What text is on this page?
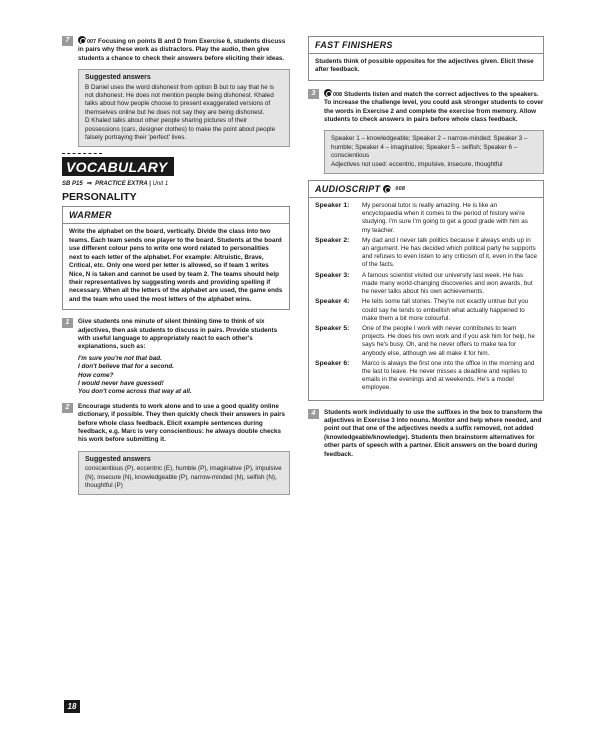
7	007 Focusing on points B and D from Exercise 6, students discuss in pairs why these work as distractors. Play the audio, then give students a chance to check their answers before eliciting their ideas.
Suggested answers
B Daniel uses the word dishonest from option B but to say that he is not dishonest. He does not mention people being dishonest. Khaled talks about how people choose to present exaggerated versions of themselves online but he does not say they are being dishonest.
D Khaled talks about other people sharing pictures of their possessions (cars, designer clothes) to make the point about people falsely portraying their 'perfect' lives.
VOCABULARY
SB P15 ⇒ PRACTICE EXTRA | Unit 1
PERSONALITY
WARMER
Write the alphabet on the board, vertically. Divide the class into two teams. Each team sends one player to the board. Students at the board use different colour pens to write one word related to personalities next to each letter of the alphabet. For example: Altruistic, Brave, Critical, etc. Only one word per letter is allowed, so if team 1 writes Nice, N is taken and cannot be used by team 2. The teams should help their representatives by suggesting words and providing spelling if necessary. When all the letters of the alphabet are used, the game ends and the team who used the most letters of the alphabet wins.
1	Give students one minute of silent thinking time to think of six adjectives, then ask students to discuss in pairs. Provide students with useful language to appropriately react to each other's explanations, such as:
I'm sure you're not that bad.
I don't believe that for a second.
How come?
I would never have guessed!
You don't come across that way at all.
2	Encourage students to work alone and to use a good quality online dictionary, if possible. They then quickly check their answers in pairs before whole class feedback. Elicit example sentences during feedback, e.g. Marc is very conscientious: he always double checks his work before submitting it.
Suggested answers
conscientious (P), eccentric (E), humble (P), imaginative (P), impulsive (N), insecure (N), knowledgeable (P), narrow-minded (N), selfish (N), thoughtful (P)
FAST FINISHERS
Students think of possible opposites for the adjectives given. Elicit these after feedback.
3	008 Students listen and match the correct adjectives to the speakers. To increase the challenge level, you could ask stronger students to cover the words in Exercise 2 and complete the exercise from memory. Allow students to check answers in pairs before whole class feedback.
Speaker 1 – knowledgeable; Speaker 2 – narrow-minded; Speaker 3 – humble; Speaker 4 – imaginative; Speaker 5 – selfish; Speaker 6 – conscientious
Adjectives not used: eccentric, impulsive, insecure, thoughtful
AUDIOSCRIPT	008
Speaker 1:	My personal tutor is really amazing. He is like an encyclopaedia when it comes to the period of history we're studying. I'm sure I'm going to get a good grade with him as my teacher.
Speaker 2:	My dad and I never talk politics because it always ends up in an argument. He has decided which political party he supports and refuses to even listen to any criticism of it, even in the face of the facts.
Speaker 3:	A famous scientist visited our university last week. He has made many world-changing discoveries and won awards, but he never talks about his own achievements.
Speaker 4:	He tells some tall stories. They're not exactly untrue but you could say he tends to embellish what actually happened to make them a bit more colourful.
Speaker 5:	One of the people I work with never contributes to team projects. He does his own work and if you ask him for help, he says he's busy. Oh, and he never offers to make tea for anybody else, although we all make it for him.
Speaker 6:	Marco is always the first one into the office in the morning and the last to leave. He never misses a deadline and replies to emails in the evenings and at weekends. He's a model employee.
4	Students work individually to use the suffixes in the box to transform the adjectives in Exercise 3 into nouns. Monitor and help where needed, and point out that one of the adjectives needs a suffix removed, not added (knowledgeable/knowledge). Students then brainstorm alternatives for other parts of speech with a partner. Elicit answers on the board during feedback.
18
